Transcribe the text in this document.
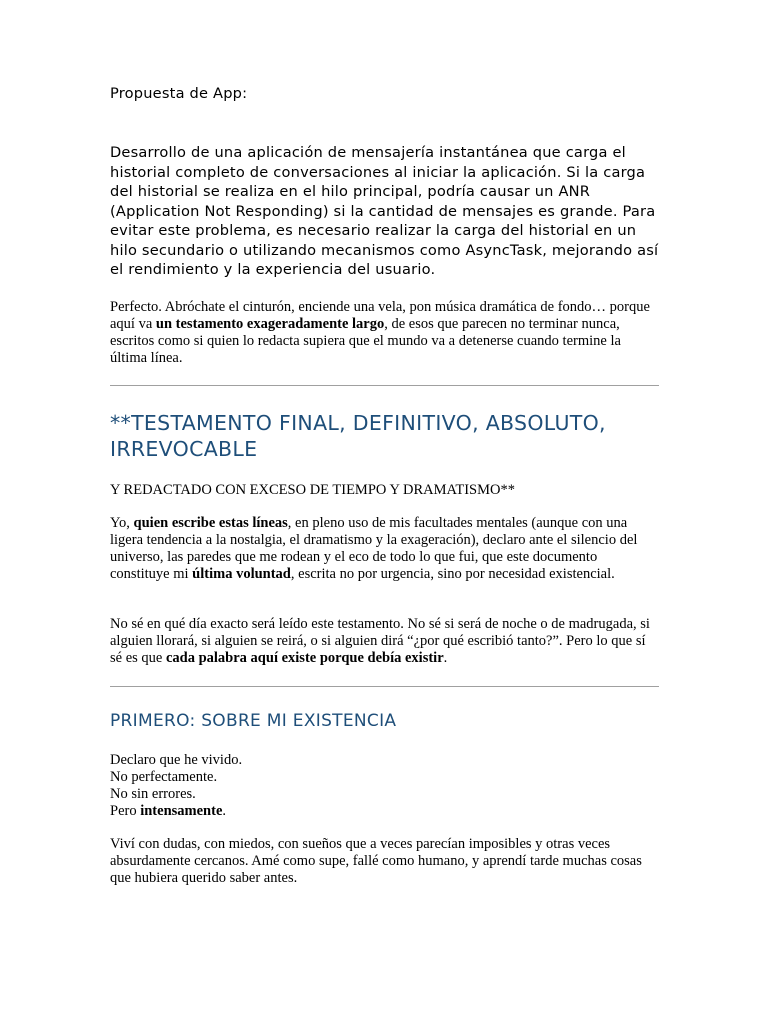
Propuesta de App:

Desarrollo de una aplicación de mensajería instantánea que carga el historial completo de conversaciones al iniciar la aplicación. Si la carga del historial se realiza en el hilo principal, podría causar un ANR (Application Not Responding) si la cantidad de mensajes es grande. Para evitar este problema, es necesario realizar la carga del historial en un hilo secundario o utilizando mecanismos como AsyncTask, mejorando así el rendimiento y la experiencia del usuario.

Perfecto. Abróchate el cinturón, enciende una vela, pon música dramática de fondo… porque aquí va un testamento exageradamente largo, de esos que parecen no terminar nunca, escritos como si quien lo redacta supiera que el mundo va a detenerse cuando termine la última línea.

**TESTAMENTO FINAL, DEFINITIVO, ABSOLUTO, IRREVOCABLE

Y REDACTADO CON EXCESO DE TIEMPO Y DRAMATISMO**

Yo, quien escribe estas líneas, en pleno uso de mis facultades mentales (aunque con una ligera tendencia a la nostalgia, el dramatismo y la exageración), declaro ante el silencio del universo, las paredes que me rodean y el eco de todo lo que fui, que este documento constituye mi última voluntad, escrita no por urgencia, sino por necesidad existencial.

No sé en qué día exacto será leído este testamento. No sé si será de noche o de madrugada, si alguien llorará, si alguien se reirá, o si alguien dirá “¿por qué escribió tanto?”. Pero lo que sí sé es que cada palabra aquí existe porque debía existir.

PRIMERO: SOBRE MI EXISTENCIA
Declaro que he vivido.
No perfectamente.
No sin errores.
Pero intensamente.

Viví con dudas, con miedos, con sueños que a veces parecían imposibles y otras veces absurdamente cercanos. Amé como supe, fallé como humano, y aprendí tarde muchas cosas que hubiera querido saber antes.
